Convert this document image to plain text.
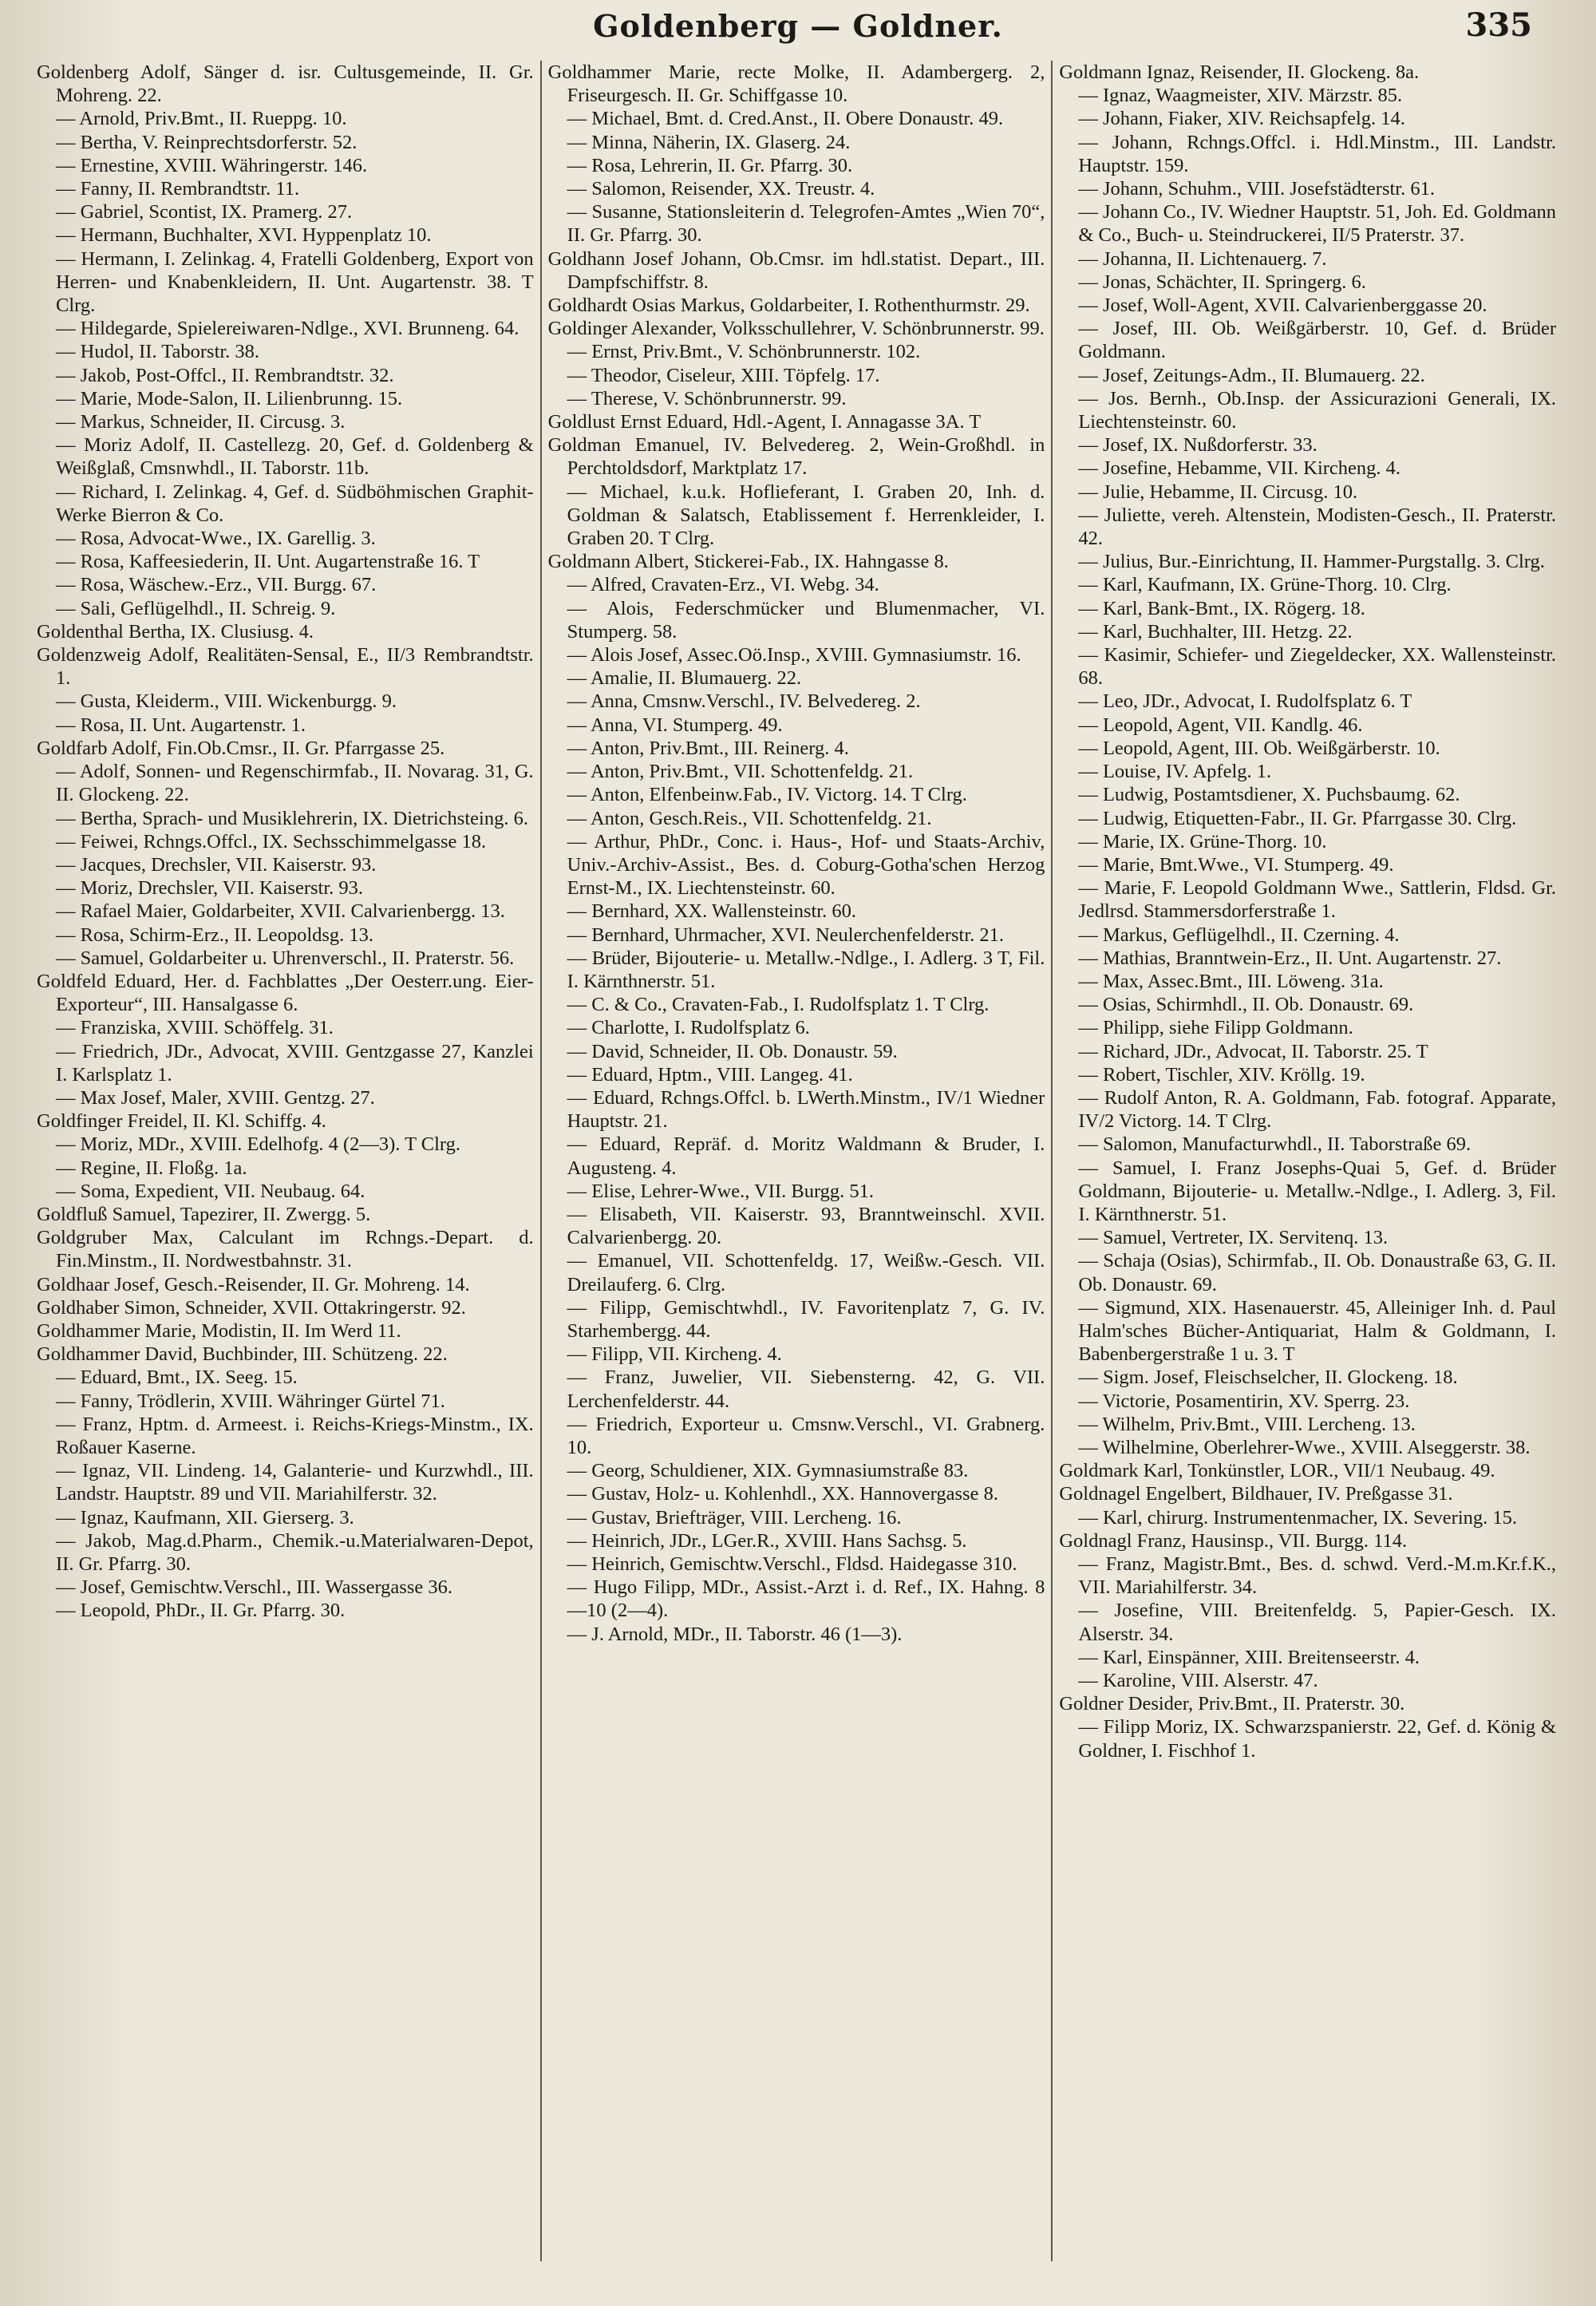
Goldenberg — Goldner.	335
Goldenberg Adolf, Sänger d. isr. Cultusgemeinde, II. Gr. Mohreng. 22.
— Arnold, Priv.Bmt., II. Rueppg. 10.
— Bertha, V. Reinprechtsdorferstr. 52.
— Ernestine, XVIII. Währingerstr. 146.
— Fanny, II. Rembrandtstr. 11.
— Gabriel, Scontist, IX. Pramerg. 27.
— Hermann, Buchhalter, XVI. Hyppenplatz 10.
— Hermann, I. Zelinkag. 4, Fratelli Goldenberg, Export von Herren- und Knabenkleidern, II. Unt. Augartenstr. 38. T Clrg.
— Hildegarde, Spielereiwaren-Ndlge., XVI. Brunneng. 64.
— Hudol, II. Taborstr. 38.
— Jakob, Post-Offcl., II. Rembrandtstr. 32.
— Marie, Mode-Salon, II. Lilienbrunng. 15.
— Markus, Schneider, II. Circusg. 3.
— Moriz Adolf, II. Castellezg. 20, Gef. d. Goldenberg & Weißglaß, Cmsnwhdl., II. Taborstr. 11b.
— Richard, I. Zelinkag. 4, Gef. d. Südböhmischen Graphit-Werke Bierron & Co.
— Rosa, Advocat-Wwe., IX. Garellig. 3.
— Rosa, Kaffeesiederin, II. Unt. Augartenstraße 16. T
— Rosa, Wäschew.-Erz., VII. Burgg. 67.
— Sali, Geflügelhdl., II. Schreig. 9.
Goldenthal Bertha, IX. Clusiusg. 4.
Goldenzweig Adolf, Realitäten-Sensal, E., II/3 Rembrandtstr. 1.
— Gusta, Kleiderm., VIII. Wickenburgg. 9.
— Rosa, II. Unt. Augartenstr. 1.
Goldfarb Adolf, Fin.Ob.Cmsr., II. Gr. Pfarrgasse 25.
— Adolf, Sonnen- und Regenschirmfab., II. Novarag. 31, G. II. Glockeng. 22.
— Bertha, Sprach- und Musiklehrerin, IX. Dietrichsteing. 6.
— Feiwei, Rchngs.Offcl., IX. Sechsschimmelgasse 18.
— Jacques, Drechsler, VII. Kaiserstr. 93.
— Moriz, Drechsler, VII. Kaiserstr. 93.
— Rafael Maier, Goldarbeiter, XVII. Calvarienbergg. 13.
— Rosa, Schirm-Erz., II. Leopoldsg. 13.
— Samuel, Goldarbeiter u. Uhrenverschl., II. Praterstr. 56.
Goldfeld Eduard, Her. d. Fachblattes „Der Oesterr.ung. Eier-Exporteur“, III. Hansalgasse 6.
— Franziska, XVIII. Schöffelg. 31.
— Friedrich, JDr., Advocat, XVIII. Gentzgasse 27, Kanzlei I. Karlsplatz 1.
— Max Josef, Maler, XVIII. Gentzg. 27.
Goldfinger Freidel, II. Kl. Schiffg. 4.
— Moriz, MDr., XVIII. Edelhofg. 4 (2—3). T Clrg.
— Regine, II. Floßg. 1a.
— Soma, Expedient, VII. Neubaug. 64.
Goldfluß Samuel, Tapezirer, II. Zwergg. 5.
Goldgruber Max, Calculant im Rchngs.-Depart. d. Fin.Minstm., II. Nordwestbahnstr. 31.
Goldhaar Josef, Gesch.-Reisender, II. Gr. Mohreng. 14.
Goldhaber Simon, Schneider, XVII. Ottakringerstr. 92.
Goldhammer Marie, Modistin, II. Im Werd 11.
Goldhammer David, Buchbinder, III. Schützeng. 22.
— Eduard, Bmt., IX. Seeg. 15.
— Fanny, Trödlerin, XVIII. Währinger Gürtel 71.
— Franz, Hptm. d. Armeest. i. Reichs-Kriegs-Minstm., IX. Roßauer Kaserne.
— Ignaz, VII. Lindeng. 14, Galanterie- und Kurzwhdl., III. Landstr. Hauptstr. 89 und VII. Mariahilferstr. 32.
— Ignaz, Kaufmann, XII. Gierserg. 3.
— Jakob, Mag.d.Pharm., Chemik.-u.Materialwaren-Depot, II. Gr. Pfarrg. 30.
— Josef, Gemischtw.Verschl., III. Wassergasse 36.
— Leopold, PhDr., II. Gr. Pfarrg. 30.
Goldhammer Marie, recte Molke, II. Adambergerg. 2, Friseurgesch. II. Gr. Schiffgasse 10.
— Michael, Bmt. d. Cred.Anst., II. Obere Donaustr. 49.
— Minna, Näherin, IX. Glaserg. 24.
— Rosa, Lehrerin, II. Gr. Pfarrg. 30.
— Salomon, Reisender, XX. Treustr. 4.
— Susanne, Stationsleiterin d. Telegrofen-Amtes „Wien 70“, II. Gr. Pfarrg. 30.
Goldhann Josef Johann, Ob.Cmsr. im hdl.statist. Depart., III. Dampfschiffstr. 8.
Goldhardt Osias Markus, Goldarbeiter, I. Rothenthurmstr. 29.
Goldinger Alexander, Volksschullehrer, V. Schönbrunnerstr. 99.
— Ernst, Priv.Bmt., V. Schönbrunnerstr. 102.
— Theodor, Ciseleur, XIII. Töpfelg. 17.
— Therese, V. Schönbrunnerstr. 99.
Goldlust Ernst Eduard, Hdl.-Agent, I. Annagasse 3A. T
Goldman Emanuel, IV. Belvedereg. 2, Wein-Großhdl. in Perchtoldsdorf, Marktplatz 17.
— Michael, k.u.k. Hoflieferant, I. Graben 20, Inh. d. Goldman & Salatsch, Etablissement f. Herrenkleider, I. Graben 20. T Clrg.
Goldmann Albert, Stickerei-Fab., IX. Hahngasse 8.
— Alfred, Cravaten-Erz., VI. Webg. 34.
— Alois, Federschmücker und Blumenmacher, VI. Stumperg. 58.
— Alois Josef, Assec.Oö.Insp., XVIII. Gymnasiumstr. 16.
— Amalie, II. Blumauerg. 22.
— Anna, Cmsnw.Verschl., IV. Belvedereg. 2.
— Anna, VI. Stumperg. 49.
— Anton, Priv.Bmt., III. Reinerg. 4.
— Anton, Priv.Bmt., VII. Schottenfeldg. 21.
— Anton, Elfenbeinw.Fab., IV. Victorg. 14. T Clrg.
— Anton, Gesch.Reis., VII. Schottenfeldg. 21.
— Arthur, PhDr., Conc. i. Haus-, Hof- und Staats-Archiv, Univ.-Archiv-Assist., Bes. d. Coburg-Gotha'schen Herzog Ernst-M., IX. Liechtensteinstr. 60.
— Bernhard, XX. Wallensteinstr. 60.
— Bernhard, Uhrmacher, XVI. Neulerchenfelderstr. 21.
— Brüder, Bijouterie- u. Metallw.-Ndlge., I. Adlerg. 3 T, Fil. I. Kärnthnerstr. 51.
— C. & Co., Cravaten-Fab., I. Rudolfsplatz 1. T Clrg.
— Charlotte, I. Rudolfsplatz 6.
— David, Schneider, II. Ob. Donaustr. 59.
— Eduard, Hptm., VIII. Langeg. 41.
— Eduard, Rchngs.Offcl. b. LWerth.Minstm., IV/1 Wiedner Hauptstr. 21.
— Eduard, Repräf. d. Moritz Waldmann & Bruder, I. Augusteng. 4.
— Elise, Lehrer-Wwe., VII. Burgg. 51.
— Elisabeth, VII. Kaiserstr. 93, Branntweinschl. XVII. Calvarienbergg. 20.
— Emanuel, VII. Schottenfeldg. 17, Weißw.-Gesch. VII. Dreilauferg. 6. Clrg.
— Filipp, Gemischtwhdl., IV. Favoritenplatz 7, G. IV. Starhembergg. 44.
— Filipp, VII. Kircheng. 4.
— Franz, Juwelier, VII. Siebensterng. 42, G. VII. Lerchenfelderstr. 44.
— Friedrich, Exporteur u. Cmsnw.Verschl., VI. Grabnerg. 10.
— Georg, Schuldiener, XIX. Gymnasiumstraße 83.
— Gustav, Holz- u. Kohlenhdl., XX. Hannovergasse 8.
— Gustav, Briefträger, VIII. Lercheng. 16.
— Heinrich, JDr., LGer.R., XVIII. Hans Sachsg. 5.
— Heinrich, Gemischtw.Verschl., Fldsd. Haidegasse 310.
— Hugo Filipp, MDr., Assist.-Arzt i. d. Ref., IX. Hahng. 8—10 (2—4).
— J. Arnold, MDr., II. Taborstr. 46 (1—3).
Goldmann Ignaz, Reisender, II. Glockeng. 8a.
— Ignaz, Waagmeister, XIV. Märzstr. 85.
— Johann, Fiaker, XIV. Reichsapfelg. 14.
— Johann, Rchngs.Offcl. i. Hdl.Minstm., III. Landstr. Hauptstr. 159.
— Johann, Schuhm., VIII. Josefstädterstr. 61.
— Johann Co., IV. Wiedner Hauptstr. 51, Joh. Ed. Goldmann & Co., Buch- u. Steindruckerei, II/5 Praterstr. 37.
— Johanna, II. Lichtenauerg. 7.
— Jonas, Schächter, II. Springerg. 6.
— Josef, Woll-Agent, XVII. Calvarienberggasse 20.
— Josef, III. Ob. Weißgärberstr. 10, Gef. d. Brüder Goldmann.
— Josef, Zeitungs-Adm., II. Blumauerg. 22.
— Jos. Bernh., Ob.Insp. der Assicurazioni Generali, IX. Liechtensteinstr. 60.
— Josef, IX. Nußdorferstr. 33.
— Josefine, Hebamme, VII. Kircheng. 4.
— Julie, Hebamme, II. Circusg. 10.
— Juliette, vereh. Altenstein, Modisten-Gesch., II. Praterstr. 42.
— Julius, Bur.-Einrichtung, II. Hammer-Purgstallg. 3. Clrg.
— Karl, Kaufmann, IX. Grüne-Thorg. 10. Clrg.
— Karl, Bank-Bmt., IX. Rögerg. 18.
— Karl, Buchhalter, III. Hetzg. 22.
— Kasimir, Schiefer- und Ziegeldecker, XX. Wallensteinstr. 68.
— Leo, JDr., Advocat, I. Rudolfsplatz 6. T
— Leopold, Agent, VII. Kandlg. 46.
— Leopold, Agent, III. Ob. Weißgärberstr. 10.
— Louise, IV. Apfelg. 1.
— Ludwig, Postamtsdiener, X. Puchsbaumg. 62.
— Ludwig, Etiquetten-Fabr., II. Gr. Pfarrgasse 30. Clrg.
— Marie, IX. Grüne-Thorg. 10.
— Marie, Bmt.Wwe., VI. Stumperg. 49.
— Marie, F. Leopold Goldmann Wwe., Sattlerin, Fldsd. Gr. Jedlrsd. Stammersdorferstraße 1.
— Markus, Geflügelhdl., II. Czerning. 4.
— Mathias, Branntwein-Erz., II. Unt. Augartenstr. 27.
— Max, Assec.Bmt., III. Löweng. 31a.
— Osias, Schirmhdl., II. Ob. Donaustr. 69.
— Philipp, siehe Filipp Goldmann.
— Richard, JDr., Advocat, II. Taborstr. 25. T
— Robert, Tischler, XIV. Kröllg. 19.
— Rudolf Anton, R. A. Goldmann, Fab. fotograf. Apparate, IV/2 Victorg. 14. T Clrg.
— Salomon, Manufacturwhdl., II. Taborstraße 69.
— Samuel, I. Franz Josephs-Quai 5, Gef. d. Brüder Goldmann, Bijouterie- u. Metallw.-Ndlge., I. Adlerg. 3, Fil. I. Kärnthnerstr. 51.
— Samuel, Vertreter, IX. Servitenq. 13.
— Schaja (Osias), Schirmfab., II. Ob. Donaustraße 63, G. II. Ob. Donaustr. 69.
— Sigmund, XIX. Hasenauerstr. 45, Alleiniger Inh. d. Paul Halm'sches Bücher-Antiquariat, Halm & Goldmann, I. Babenbergerstraße 1 u. 3. T
— Sigm. Josef, Fleischselcher, II. Glockeng. 18.
— Victorie, Posamentirin, XV. Sperrg. 23.
— Wilhelm, Priv.Bmt., VIII. Lercheng. 13.
— Wilhelmine, Oberlehrer-Wwe., XVIII. Alseggerstr. 38.
Goldmark Karl, Tonkünstler, LOR., VII/1 Neubaug. 49.
Goldnagel Engelbert, Bildhauer, IV. Preßgasse 31.
— Karl, chirurg. Instrumentenmacher, IX. Severing. 15.
Goldnagl Franz, Hausinsp., VII. Burgg. 114.
— Franz, Magistr.Bmt., Bes. d. schwd. Verd.-M.m.Kr.f.K., VII. Mariahilferstr. 34.
— Josefine, VIII. Breitenfeldg. 5, Papier-Gesch. IX. Alserstr. 34.
— Karl, Einspänner, XIII. Breitenseerstr. 4.
— Karoline, VIII. Alserstr. 47.
Goldner Desider, Priv.Bmt., II. Praterstr. 30.
— Filipp Moriz, IX. Schwarzspanierstr. 22, Gef. d. König & Goldner, I. Fischhof 1.
